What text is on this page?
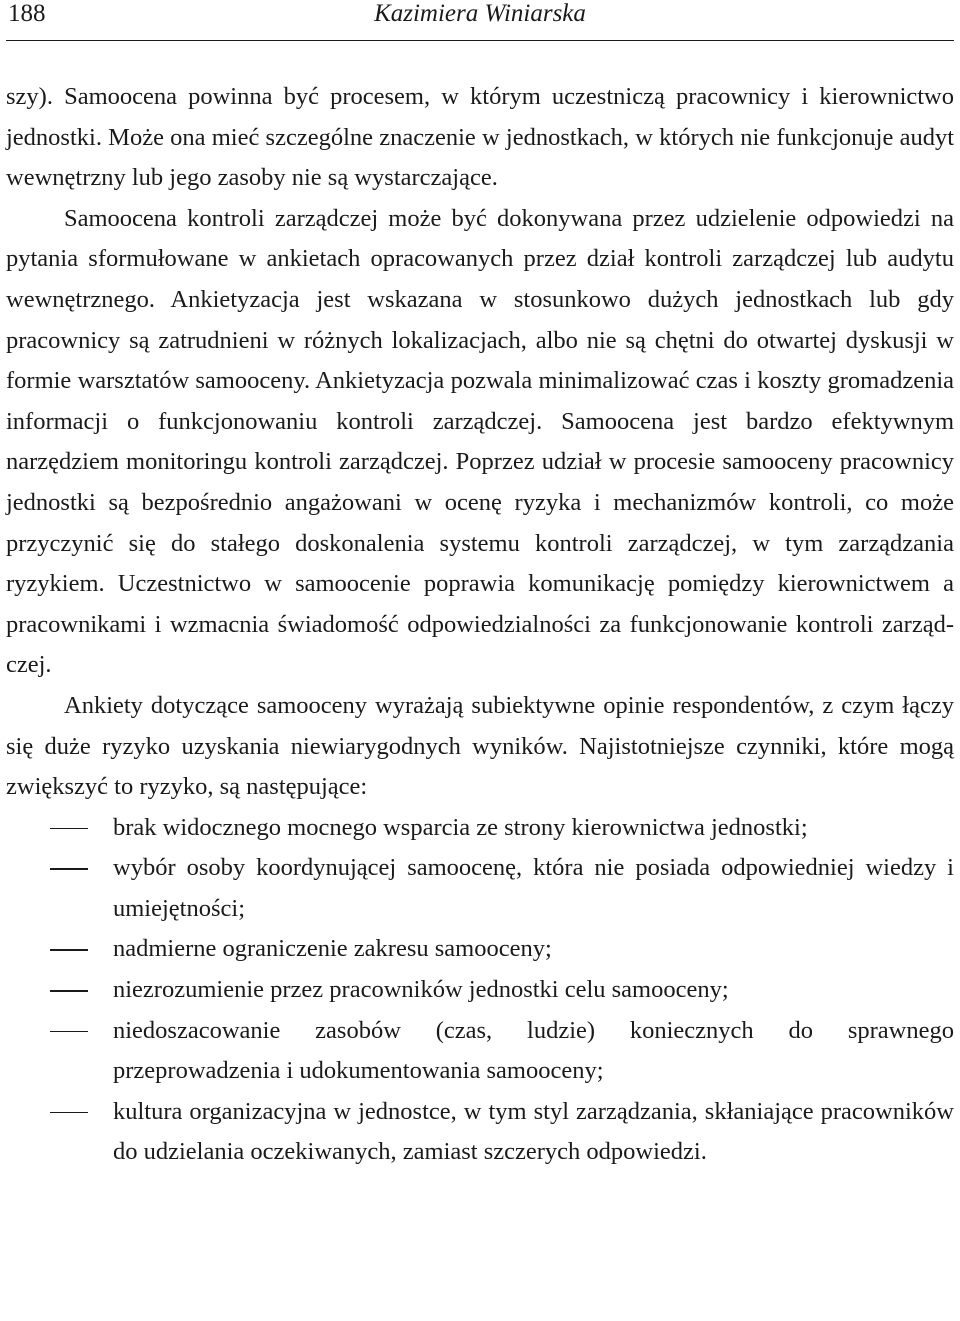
188	Kazimiera Winiarska

szy). Samoocena powinna być procesem, w którym uczestniczą pracownicy i kierownictwo jednostki. Może ona mieć szczególne znaczenie w jednostkach, w których nie funkcjonuje audyt wewnętrzny lub jego zasoby nie są wystarczające.

Samoocena kontroli zarządczej może być dokonywana przez udzielenie odpowiedzi na pytania sformułowane w ankietach opracowanych przez dział kontroli zarządczej lub audytu wewnętrznego. Ankietyzacja jest wskazana w stosunkowo dużych jednostkach lub gdy pracownicy są zatrudnieni w różnych lokalizacjach, albo nie są chętni do otwartej dyskusji w formie warsztatów samooceny. Ankietyzacja pozwala minimalizować czas i koszty gromadzenia informacji o funkcjonowaniu kontroli zarządczej. Samoocena jest bardzo efektywnym narzędziem monitoringu kontroli zarządczej. Poprzez udział w procesie samooceny pracownicy jednostki są bezpośrednio angażowani w ocenę ryzyka i mechanizmów kontroli, co może przyczynić się do stałego doskonalenia systemu kontroli zarządczej, w tym zarządzania ryzykiem. Uczestnictwo w samoocenie poprawia komunikację pomiędzy kierownictwem a pracownikami i wzmacnia świadomość odpowiedzialności za funkcjonowanie kontroli zarządczej.

Ankiety dotyczące samooceny wyrażają subiektywne opinie respondentów, z czym łączy się duże ryzyko uzyskania niewiarygodnych wyników. Najistotniejsze czynniki, które mogą zwiększyć to ryzyko, są następujące:

brak widocznego mocnego wsparcia ze strony kierownictwa jednostki;
wybór osoby koordynującej samoocenę, która nie posiada odpowiedniej wiedzy i umiejętności;
nadmierne ograniczenie zakresu samooceny;
niezrozumienie przez pracowników jednostki celu samooceny;
niedoszacowanie zasobów (czas, ludzie) koniecznych do sprawnego przeprowadzenia i udokumentowania samooceny;
kultura organizacyjna w jednostce, w tym styl zarządzania, skłaniające pracowników do udzielania oczekiwanych, zamiast szczerych odpowiedzi.
